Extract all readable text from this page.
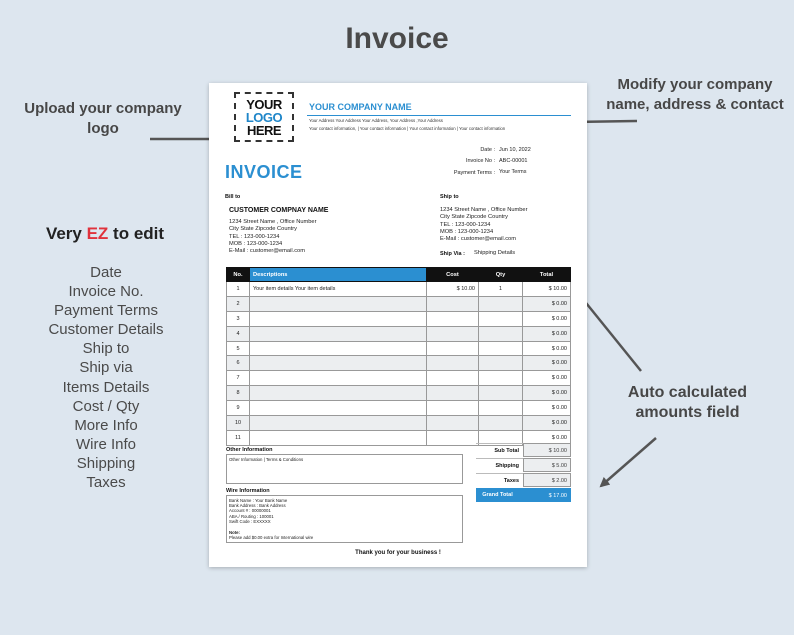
Invoice
Upload your company logo
Modify your company name, address & contact
Auto calculated amounts field
Very EZ to edit
Date
Invoice No.
Payment Terms
Customer Details
Ship to
Ship via
Items Details
Cost / Qty
More Info
Wire Info
Shipping
Taxes
YOUR
LOGO
HERE
YOUR COMPANY NAME
Your Address Your Address Your Address, Your Address ,Your Address
Your contact information, | Your contact information | Your contact information | Your contact information
Date : Jun 10, 2022
Invoice No : ABC-00001
Payment Terms : Your Terms
INVOICE
Bill to
CUSTOMER COMPNAY NAME
1234 Street Name , Office Number
City State Zipcode Country
TEL : 123-000-1234
MOB : 123-000-1234
E-Mail : customer@email.com
Ship to
1234 Street Name , Office Number
City State Zipcode Country
TEL : 123-000-1234
MOB : 123-000-1234
E-Mail : customer@email.com
Ship Via : Shipping Details
No.	Descriptions	Cost	Qty	Total
1	Your item details Your item details	$ 10.00	1	$ 10.00
2				$ 0.00
3				$ 0.00
4				$ 0.00
5				$ 0.00
6				$ 0.00
7				$ 0.00
8				$ 0.00
9				$ 0.00
10				$ 0.00
11				$ 0.00
Other Information
Other Information | Terms & Conditions
Wire Information
Bank Name : Your Bank Name
Bank Address : Bank Address
Account # : 00000001
ABA / Routing : 100001
Swift Code : EXXXXX
Note:
Please add $0.00 extra for International wire
Sub Total	$ 10.00
Shipping	$ 5.00
Taxes	$ 2.00
Grand Total	$ 17.00
Thank you for your business !
